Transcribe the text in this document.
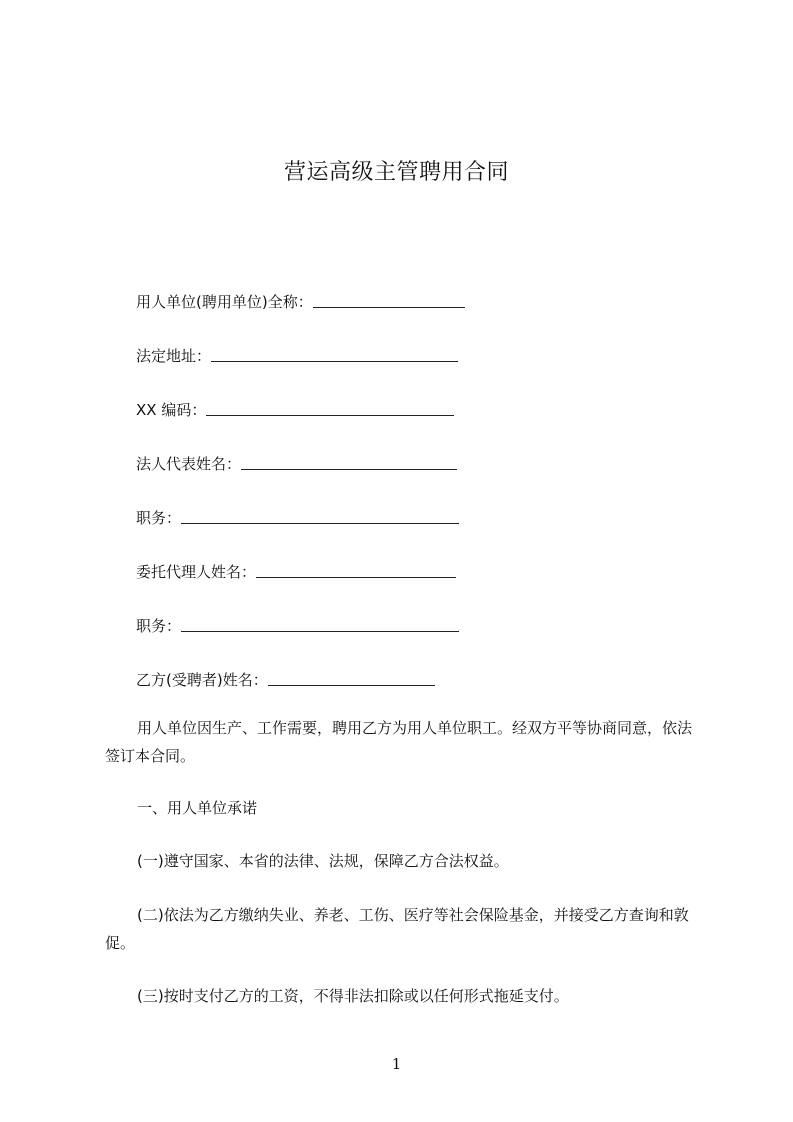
营运高级主管聘用合同
用人单位(聘用单位)全称：
法定地址：
XX 编码：
法人代表姓名：
职务：
委托代理人姓名：
职务：
乙方(受聘者)姓名：

用人单位因生产、工作需要，聘用乙方为用人单位职工。经双方平等协商同意，依法签订本合同。

一、用人单位承诺

(一)遵守国家、本省的法律、法规，保障乙方合法权益。

(二)依法为乙方缴纳失业、养老、工伤、医疗等社会保险基金，并接受乙方查询和敦促。

(三)按时支付乙方的工资，不得非法扣除或以任何形式拖延支付。

1
